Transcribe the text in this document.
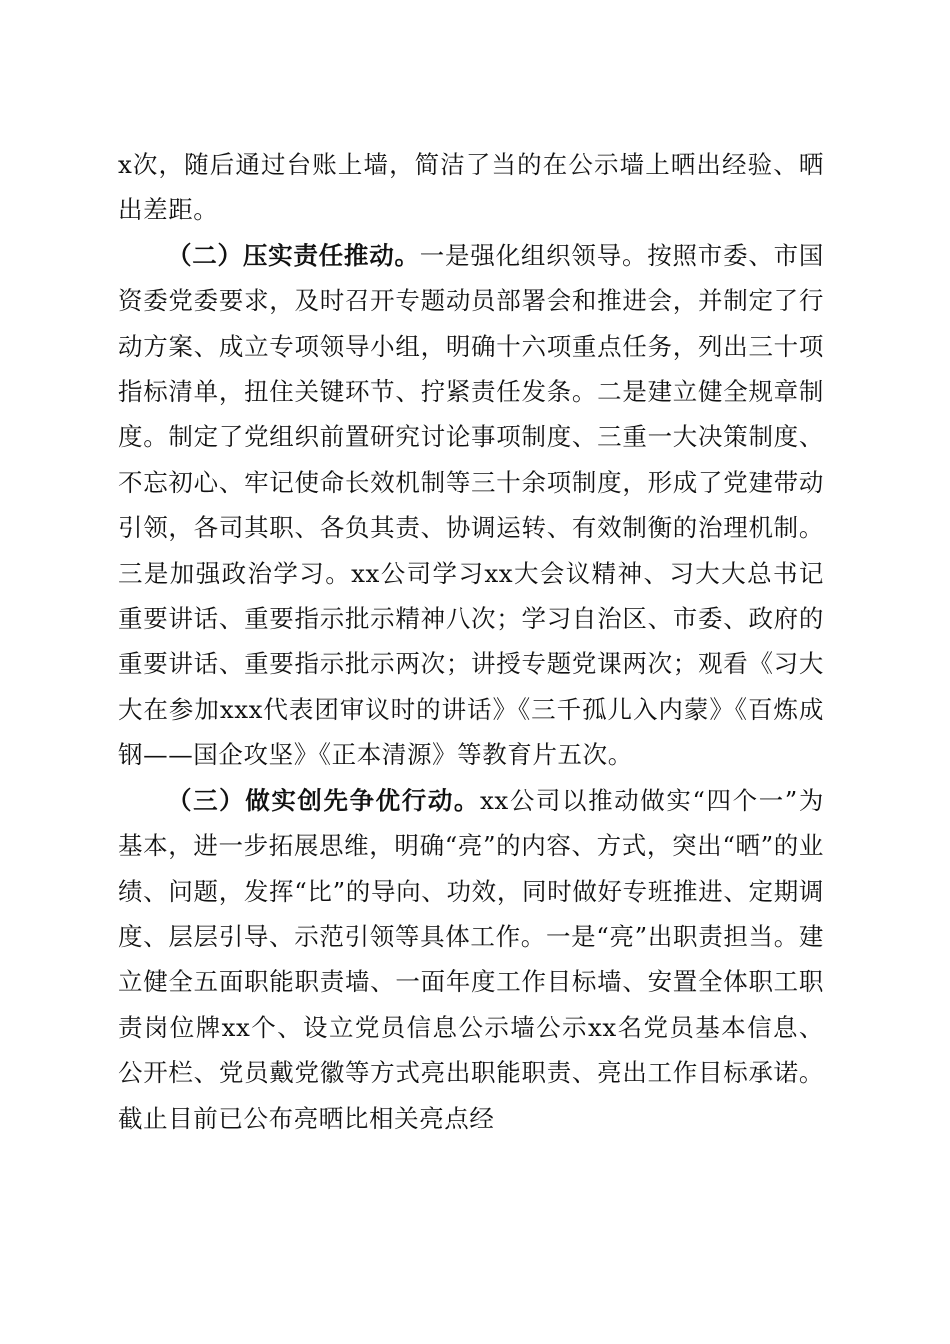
x次，随后通过台账上墙，简洁了当的在公示墙上晒出经验、晒出差距。

（二）压实责任推动。一是强化组织领导。按照市委、市国资委党委要求，及时召开专题动员部署会和推进会，并制定了行动方案、成立专项领导小组，明确十六项重点任务，列出三十项指标清单，扭住关键环节、拧紧责任发条。二是建立健全规章制度。制定了党组织前置研究讨论事项制度、三重一大决策制度、不忘初心、牢记使命长效机制等三十余项制度，形成了党建带动引领，各司其职、各负其责、协调运转、有效制衡的治理机制。三是加强政治学习。xx公司学习xx大会议精神、习大大总书记重要讲话、重要指示批示精神八次；学习自治区、市委、政府的重要讲话、重要指示批示两次；讲授专题党课两次；观看《习大大在参加xxx代表团审议时的讲话》《三千孤儿入内蒙》《百炼成钢——国企攻坚》《正本清源》等教育片五次。

（三）做实创先争优行动。xx公司以推动做实“四个一”为基本，进一步拓展思维，明确“亮”的内容、方式，突出“晒”的业绩、问题，发挥“比”的导向、功效，同时做好专班推进、定期调度、层层引导、示范引领等具体工作。一是“亮”出职责担当。建立健全五面职能职责墙、一面年度工作目标墙、安置全体职工职责岗位牌xx个、设立党员信息公示墙公示xx名党员基本信息、公开栏、党员戴党徽等方式亮出职能职责、亮出工作目标承诺。截止目前已公布亮晒比相关亮点经
